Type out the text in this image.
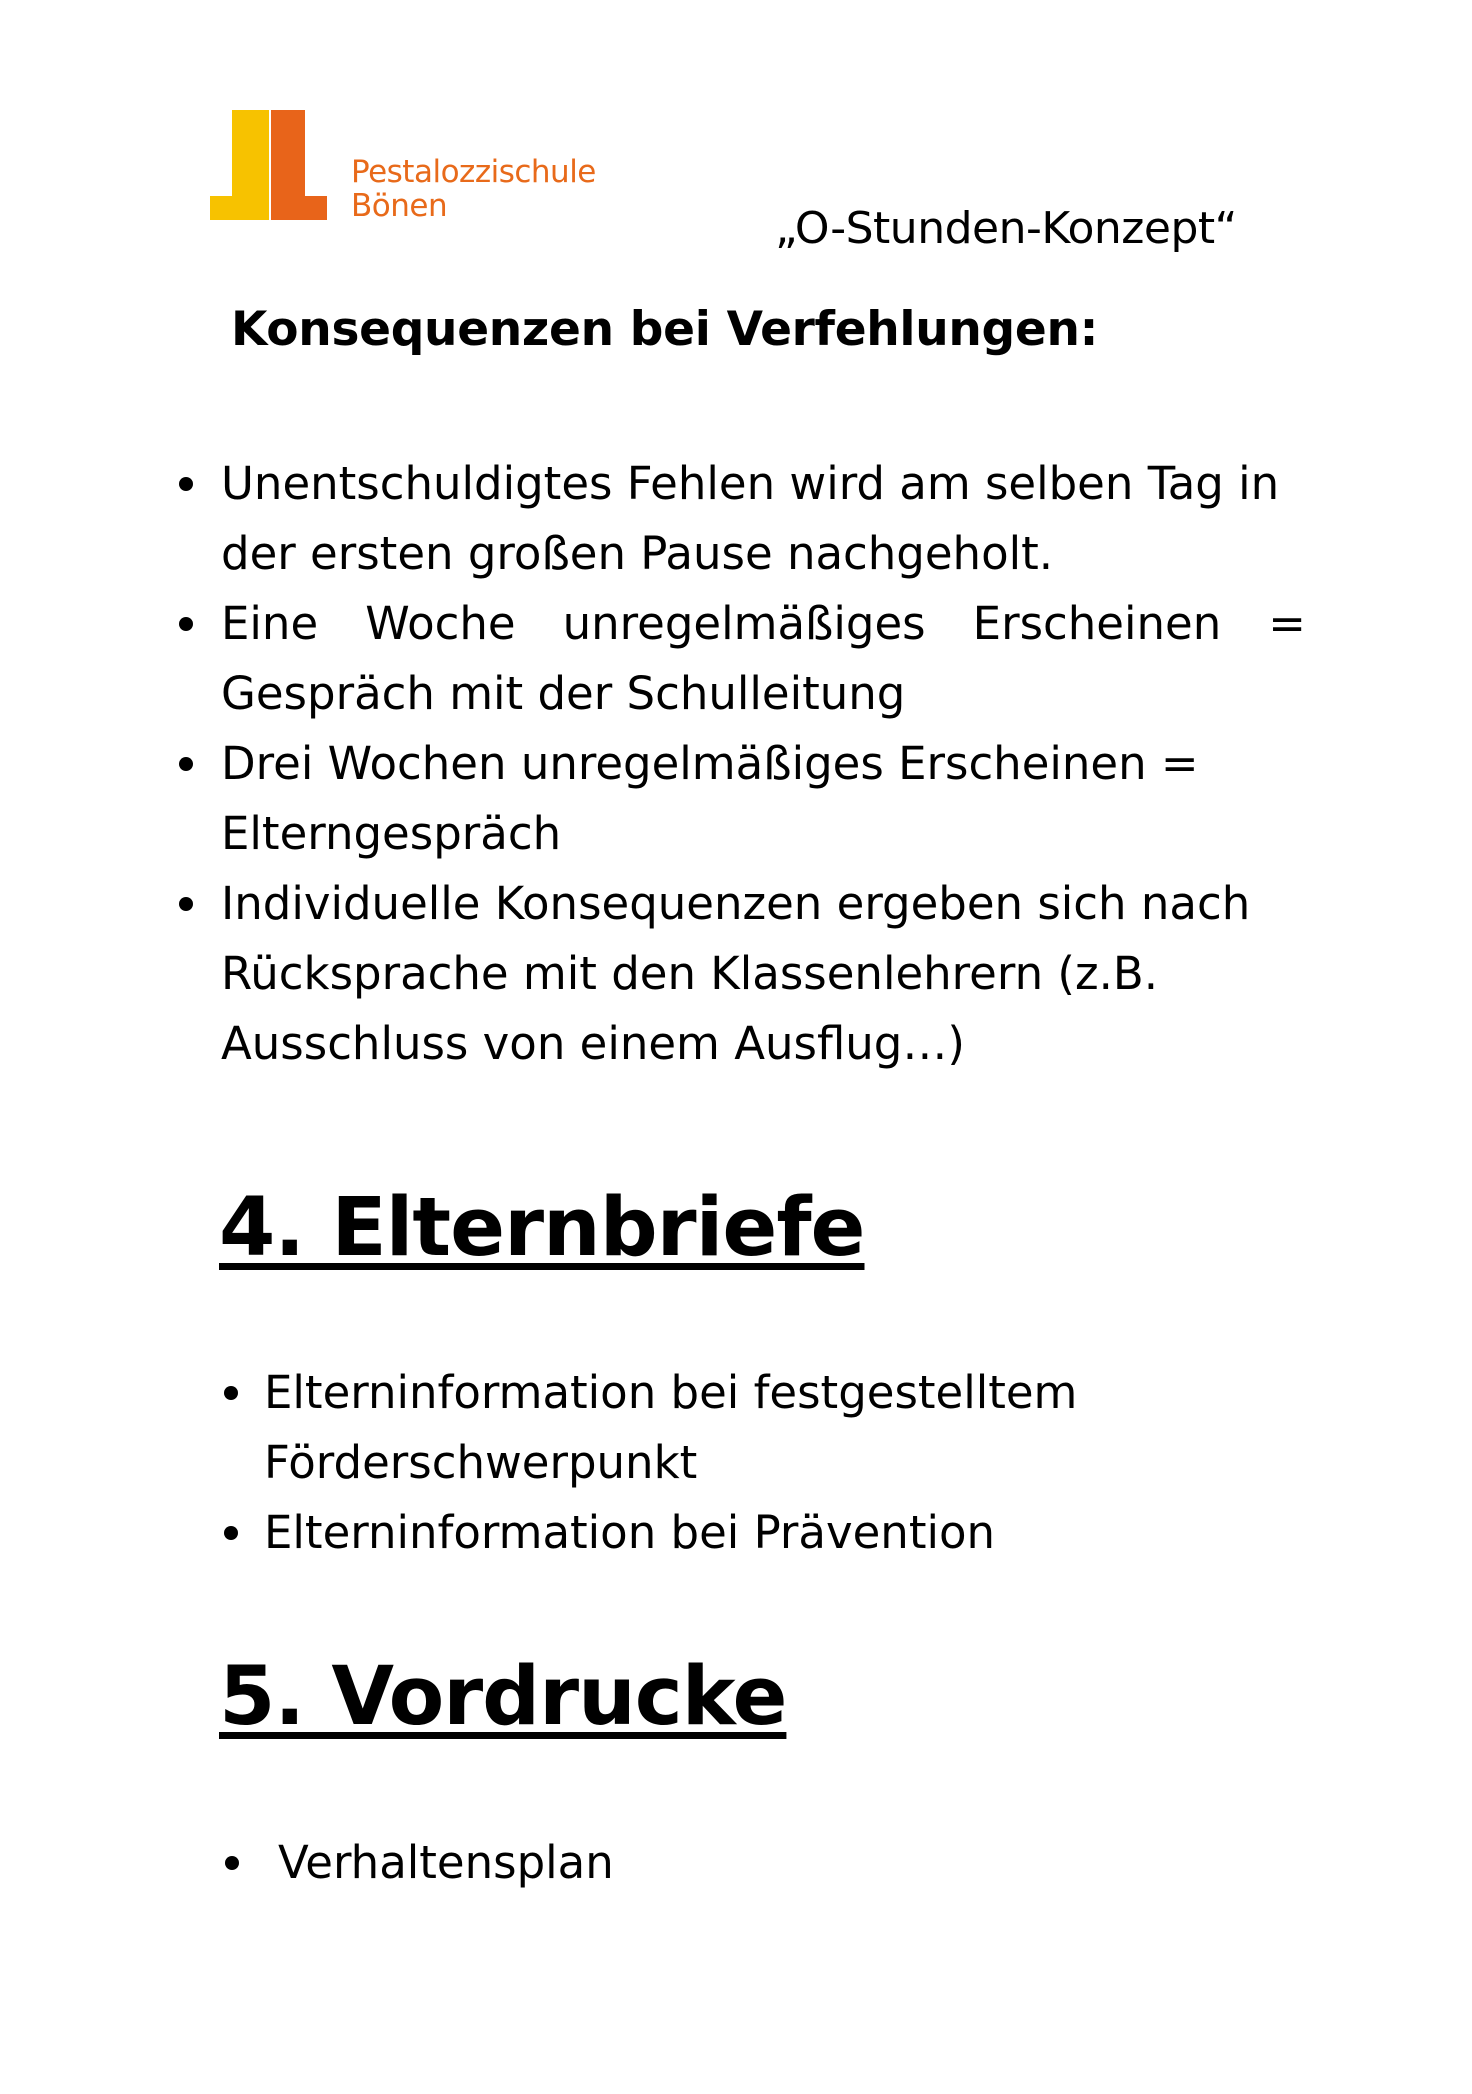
Pestalozzischule
Bönen	„O-Stunden-Konzept“
Konsequenzen bei Verfehlungen:
Unentschuldigtes Fehlen wird am selben Tag in der ersten großen Pause nachgeholt.
Eine Woche unregelmäßiges Erscheinen = Gespräch mit der Schulleitung
Drei Wochen unregelmäßiges Erscheinen = Elterngespräch
Individuelle Konsequenzen ergeben sich nach Rücksprache mit den Klassenlehrern (z.B. Ausschluss von einem Ausflug…)
4. Elternbriefe
Elterninformation bei festgestelltem Förderschwerpunkt
Elterninformation bei Prävention
5. Vordrucke
Verhaltensplan
